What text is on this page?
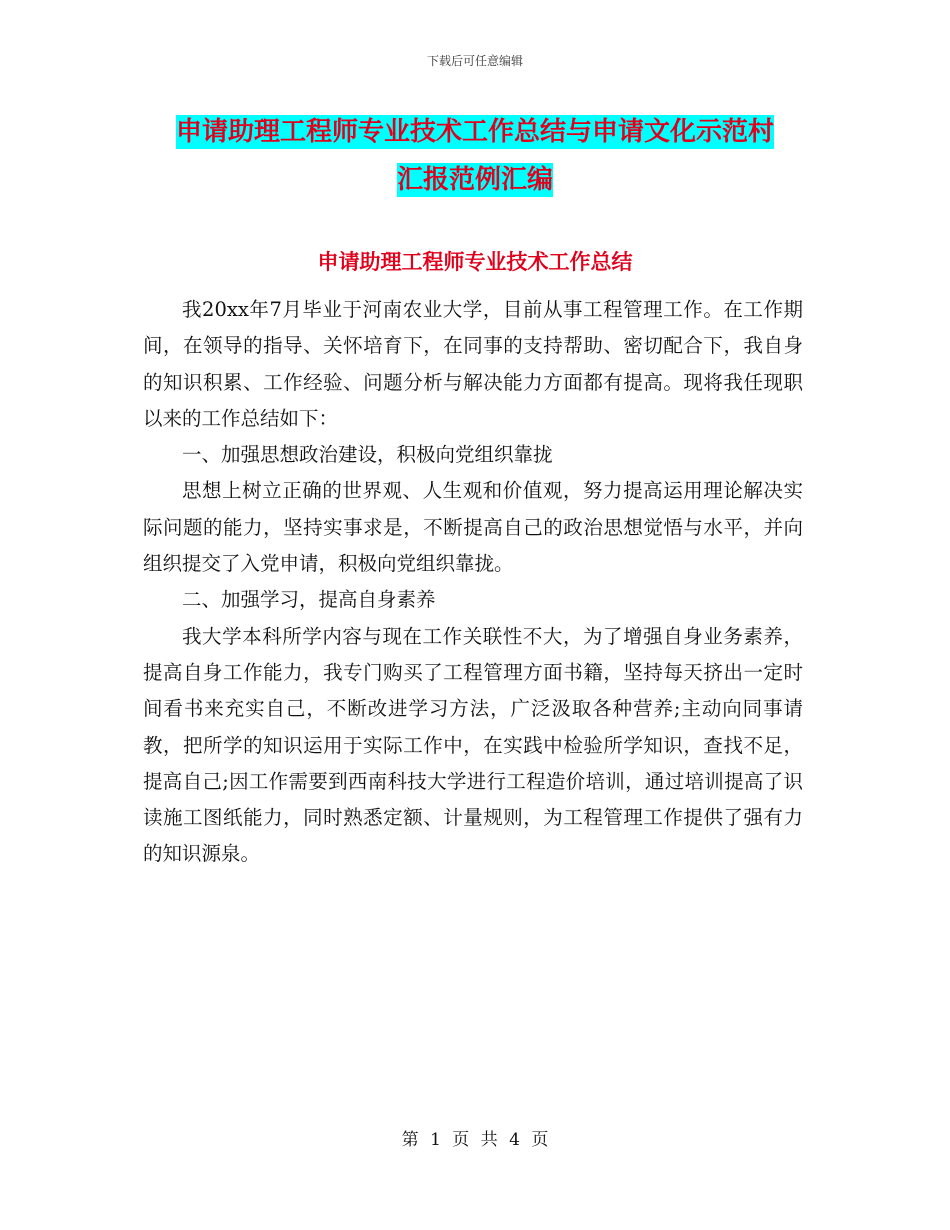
下载后可任意编辑
申请助理工程师专业技术工作总结与申请文化示范村
汇报范例汇编
申请助理工程师专业技术工作总结

我20xx年7月毕业于河南农业大学，目前从事工程管理工作。在工作期间，在领导的指导、关怀培育下，在同事的支持帮助、密切配合下，我自身的知识积累、工作经验、问题分析与解决能力方面都有提高。现将我任现职以来的工作总结如下：

一、加强思想政治建设，积极向党组织靠拢

思想上树立正确的世界观、人生观和价值观，努力提高运用理论解决实际问题的能力，坚持实事求是，不断提高自己的政治思想觉悟与水平，并向组织提交了入党申请，积极向党组织靠拢。

二、加强学习，提高自身素养

我大学本科所学内容与现在工作关联性不大，为了增强自身业务素养，提高自身工作能力，我专门购买了工程管理方面书籍，坚持每天挤出一定时间看书来充实自己，不断改进学习方法，广泛汲取各种营养;主动向同事请教，把所学的知识运用于实际工作中，在实践中检验所学知识，查找不足，提高自己;因工作需要到西南科技大学进行工程造价培训，通过培训提高了识读施工图纸能力，同时熟悉定额、计量规则，为工程管理工作提供了强有力的知识源泉。

第 1 页 共 4 页
